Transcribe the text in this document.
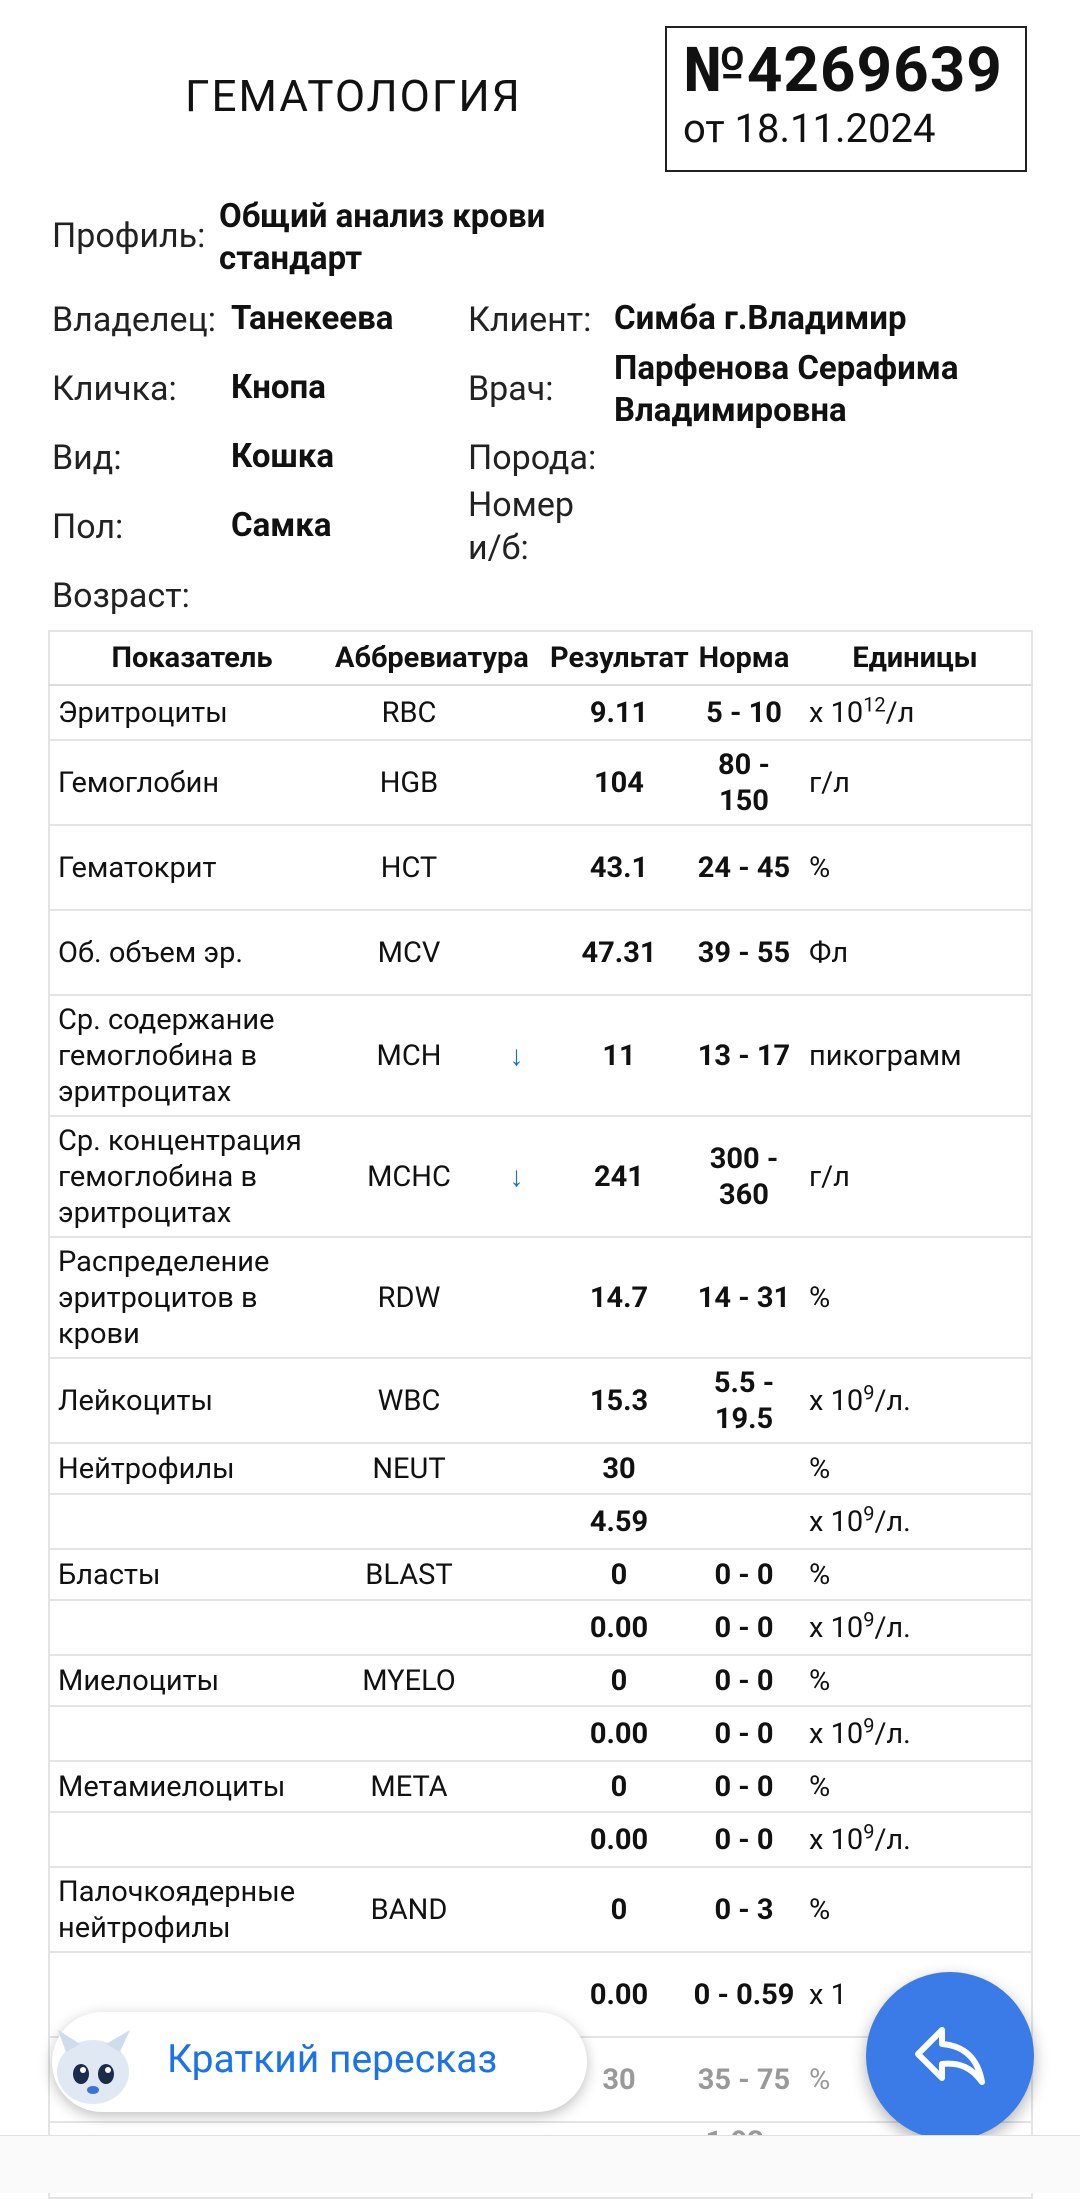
ГЕМАТОЛОГИЯ	№4269639
от 18.11.2024
Профиль: Общий анализ крови
стандарт
Владелец: Танекеева Клиент: Симба г.Владимир
Кличка: Кнопа	Врач:
Парфенова Серафима
Владимировна
Вид:	Кошка	Порода:
Пол:	Самка
Номер
и/б:
Возраст:
Показатель	Аббревиатура		Результат	Норма	Единицы
Эритроциты	RBC		9.11	5 - 10	x $10^{12}/л$
Гемоглобин	HGB		104	80 - 150	г/л
Гематокрит	HCT		43.1	24 - 45	%
Об. объем эр.	MCV		47.31	39 - 55	Фл
Ср. содержание гемоглобина в эритроцитах	MCH	↓	11	13 - 17	пикограмм
Ср. концентрация гемоглобина в эритроцитах	MCHC	↓	241	300 - 360	г/л
Распределение эритроцитов в крови	RDW		14.7	14 - 31	%
Лейкоциты	WBC		15.3	5.5 - 19.5	x $10^9/л$.
Нейтрофилы	NEUT		30		%
			4.59		x $10^9/л$.
Бласты	BLAST		0	0 - 0	%
			0.00	0 - 0	x $10^9/л$.
Миелоциты	MYELO		0	0 - 0	%
			0.00	0 - 0	x $10^9/л$.
Метамиелоциты	META		0	0 - 0	%
			0.00	0 - 0	x $10^9/л$.
Палочкоядерные нейтрофилы	BAND		0	0 - 3	%
			0.00	0 - 0.59	x 1
			30	35 - 75	%

Краткий пересказ
